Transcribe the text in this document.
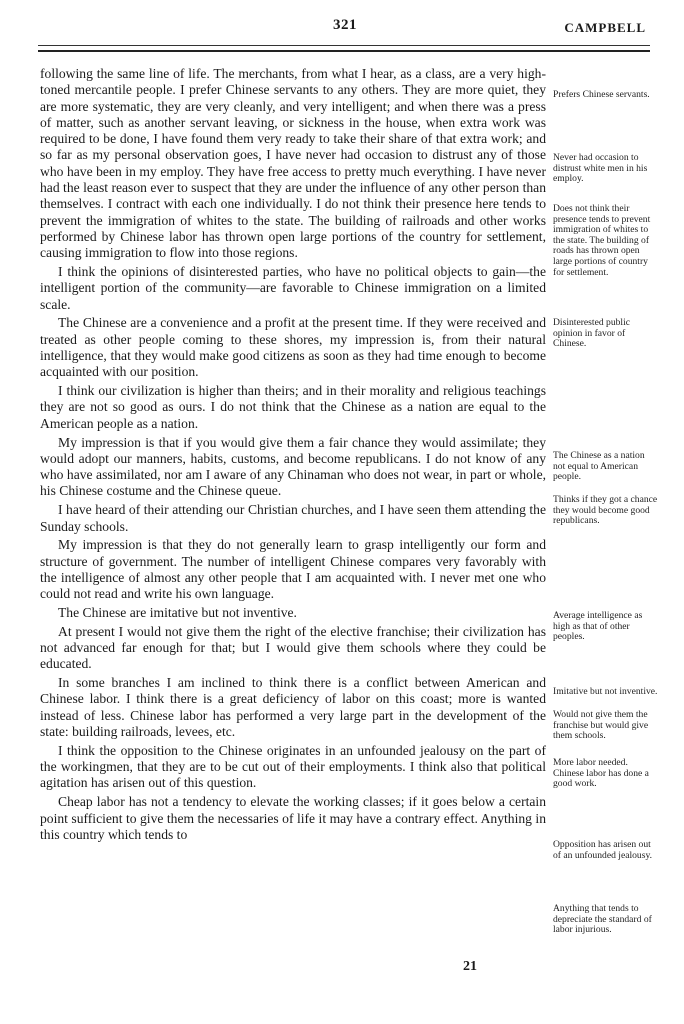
321	CAMPBELL

following the same line of life. The merchants, from what I hear, as a class, are a very high-toned mercantile people. I prefer Chinese servants to any others. They are more quiet, they are more systematic, they are very cleanly, and very intelligent; and when there was a press of matter, such as another servant leaving, or sickness in the house, when extra work was required to be done, I have found them very ready to take their share of that extra work; and so far as my personal observation goes, I have never had occasion to distrust any of those who have been in my employ. They have free access to pretty much everything. I have never had the least reason ever to suspect that they are under the influence of any other person than themselves. I contract with each one individually. I do not think their presence here tends to prevent the immigration of whites to the state. The building of railroads and other works performed by Chinese labor has thrown open large portions of the country for settlement, causing immigration to flow into those regions.

I think the opinions of disinterested parties, who have no political objects to gain—the intelligent portion of the community—are favorable to Chinese immigration on a limited scale.

The Chinese are a convenience and a profit at the present time. If they were received and treated as other people coming to these shores, my impression is, from their natural intelligence, that they would make good citizens as soon as they had time enough to become acquainted with our position.

I think our civilization is higher than theirs; and in their morality and religious teachings they are not so good as ours. I do not think that the Chinese as a nation are equal to the American people as a nation.

My impression is that if you would give them a fair chance they would assimilate; they would adopt our manners, habits, customs, and become republicans. I do not know of any who have assimilated, nor am I aware of any Chinaman who does not wear, in part or whole, his Chinese costume and the Chinese queue.

I have heard of their attending our Christian churches, and I have seen them attending the Sunday schools.

My impression is that they do not generally learn to grasp intelligently our form and structure of government. The number of intelligent Chinese compares very favorably with the intelligence of almost any other people that I am acquainted with. I never met one who could not read and write his own language.

The Chinese are imitative but not inventive.

At present I would not give them the right of the elective franchise; their civilization has not advanced far enough for that; but I would give them schools where they could be educated.

In some branches I am inclined to think there is a conflict between American and Chinese labor. I think there is a great deficiency of labor on this coast; more is wanted instead of less. Chinese labor has performed a very large part in the development of the state: building railroads, levees, etc.

I think the opposition to the Chinese originates in an unfounded jealousy on the part of the workingmen, that they are to be cut out of their employments. I think also that political agitation has arisen out of this question.

Cheap labor has not a tendency to elevate the working classes; if it goes below a certain point sufficient to give them the necessaries of life it may have a contrary effect. Anything in this country which tends to

Prefers Chinese servants.
Never had occasion to distrust white men in his employ.
Does not think their presence tends to prevent immigration of whites to the state. The building of roads has thrown open large portions of country for settlement.
Disinterested public opinion in favor of Chinese.
The Chinese as a nation not equal to American people.
Thinks if they got a chance they would become good republicans.
Average intelligence as high as that of other peoples.
Imitative but not inventive.
Would not give them the franchise but would give them schools.
More labor needed. Chinese labor has done a good work.
Opposition has arisen out of an unfounded jealousy.
Anything that tends to depreciate the standard of labor injurious.
21
